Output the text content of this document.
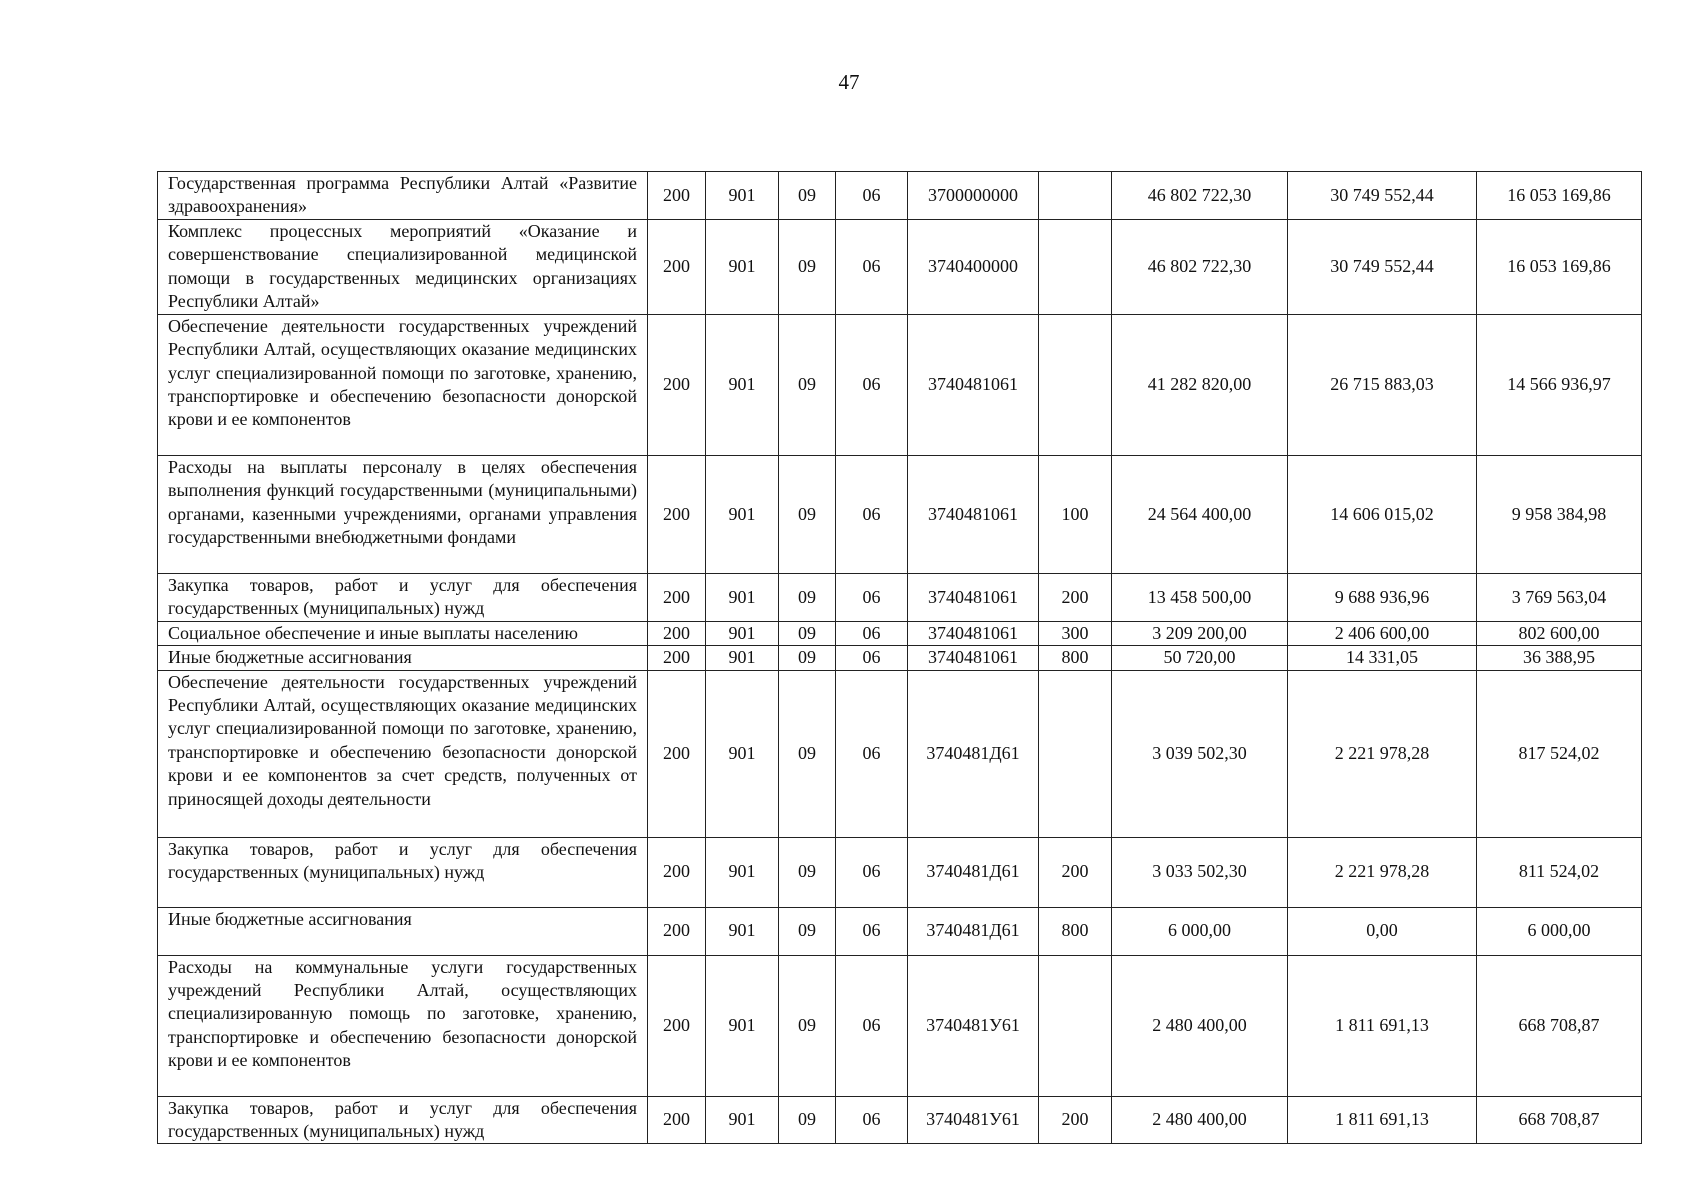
47
Государственная программа Республики Алтай «Развитие здравоохранения»	200	901	09	06	3700000000		46 802 722,30	30 749 552,44	16 053 169,86
Комплекс процессных мероприятий «Оказание и совершенствование специализированной медицинской помощи в государственных медицинских организациях Республики Алтай»	200	901	09	06	3740400000		46 802 722,30	30 749 552,44	16 053 169,86
Обеспечение деятельности государственных учреждений Республики Алтай, осуществляющих оказание медицинских услуг специализированной помощи по заготовке, хранению, транспортировке и обеспечению безопасности донорской крови и ее компонентов	200	901	09	06	3740481061		41 282 820,00	26 715 883,03	14 566 936,97
Расходы на выплаты персоналу в целях обеспечения выполнения функций государственными (муниципальными) органами, казенными учреждениями, органами управления государственными внебюджетными фондами	200	901	09	06	3740481061	100	24 564 400,00	14 606 015,02	9 958 384,98
Закупка товаров, работ и услуг для обеспечения государственных (муниципальных) нужд	200	901	09	06	3740481061	200	13 458 500,00	9 688 936,96	3 769 563,04
Социальное обеспечение и иные выплаты населению	200	901	09	06	3740481061	300	3 209 200,00	2 406 600,00	802 600,00
Иные бюджетные ассигнования	200	901	09	06	3740481061	800	50 720,00	14 331,05	36 388,95
Обеспечение деятельности государственных учреждений Республики Алтай, осуществляющих оказание медицинских услуг специализированной помощи по заготовке, хранению, транспортировке и обеспечению безопасности донорской крови и ее компонентов за счет средств, полученных от приносящей доходы деятельности	200	901	09	06	3740481Д61		3 039 502,30	2 221 978,28	817 524,02
Закупка товаров, работ и услуг для обеспечения государственных (муниципальных) нужд	200	901	09	06	3740481Д61	200	3 033 502,30	2 221 978,28	811 524,02
Иные бюджетные ассигнования	200	901	09	06	3740481Д61	800	6 000,00	0,00	6 000,00
Расходы на коммунальные услуги государственных учреждений Республики Алтай, осуществляющих специализированную помощь по заготовке, хранению, транспортировке и обеспечению безопасности донорской крови и ее компонентов	200	901	09	06	3740481У61		2 480 400,00	1 811 691,13	668 708,87
Закупка товаров, работ и услуг для обеспечения государственных (муниципальных) нужд	200	901	09	06	3740481У61	200	2 480 400,00	1 811 691,13	668 708,87
